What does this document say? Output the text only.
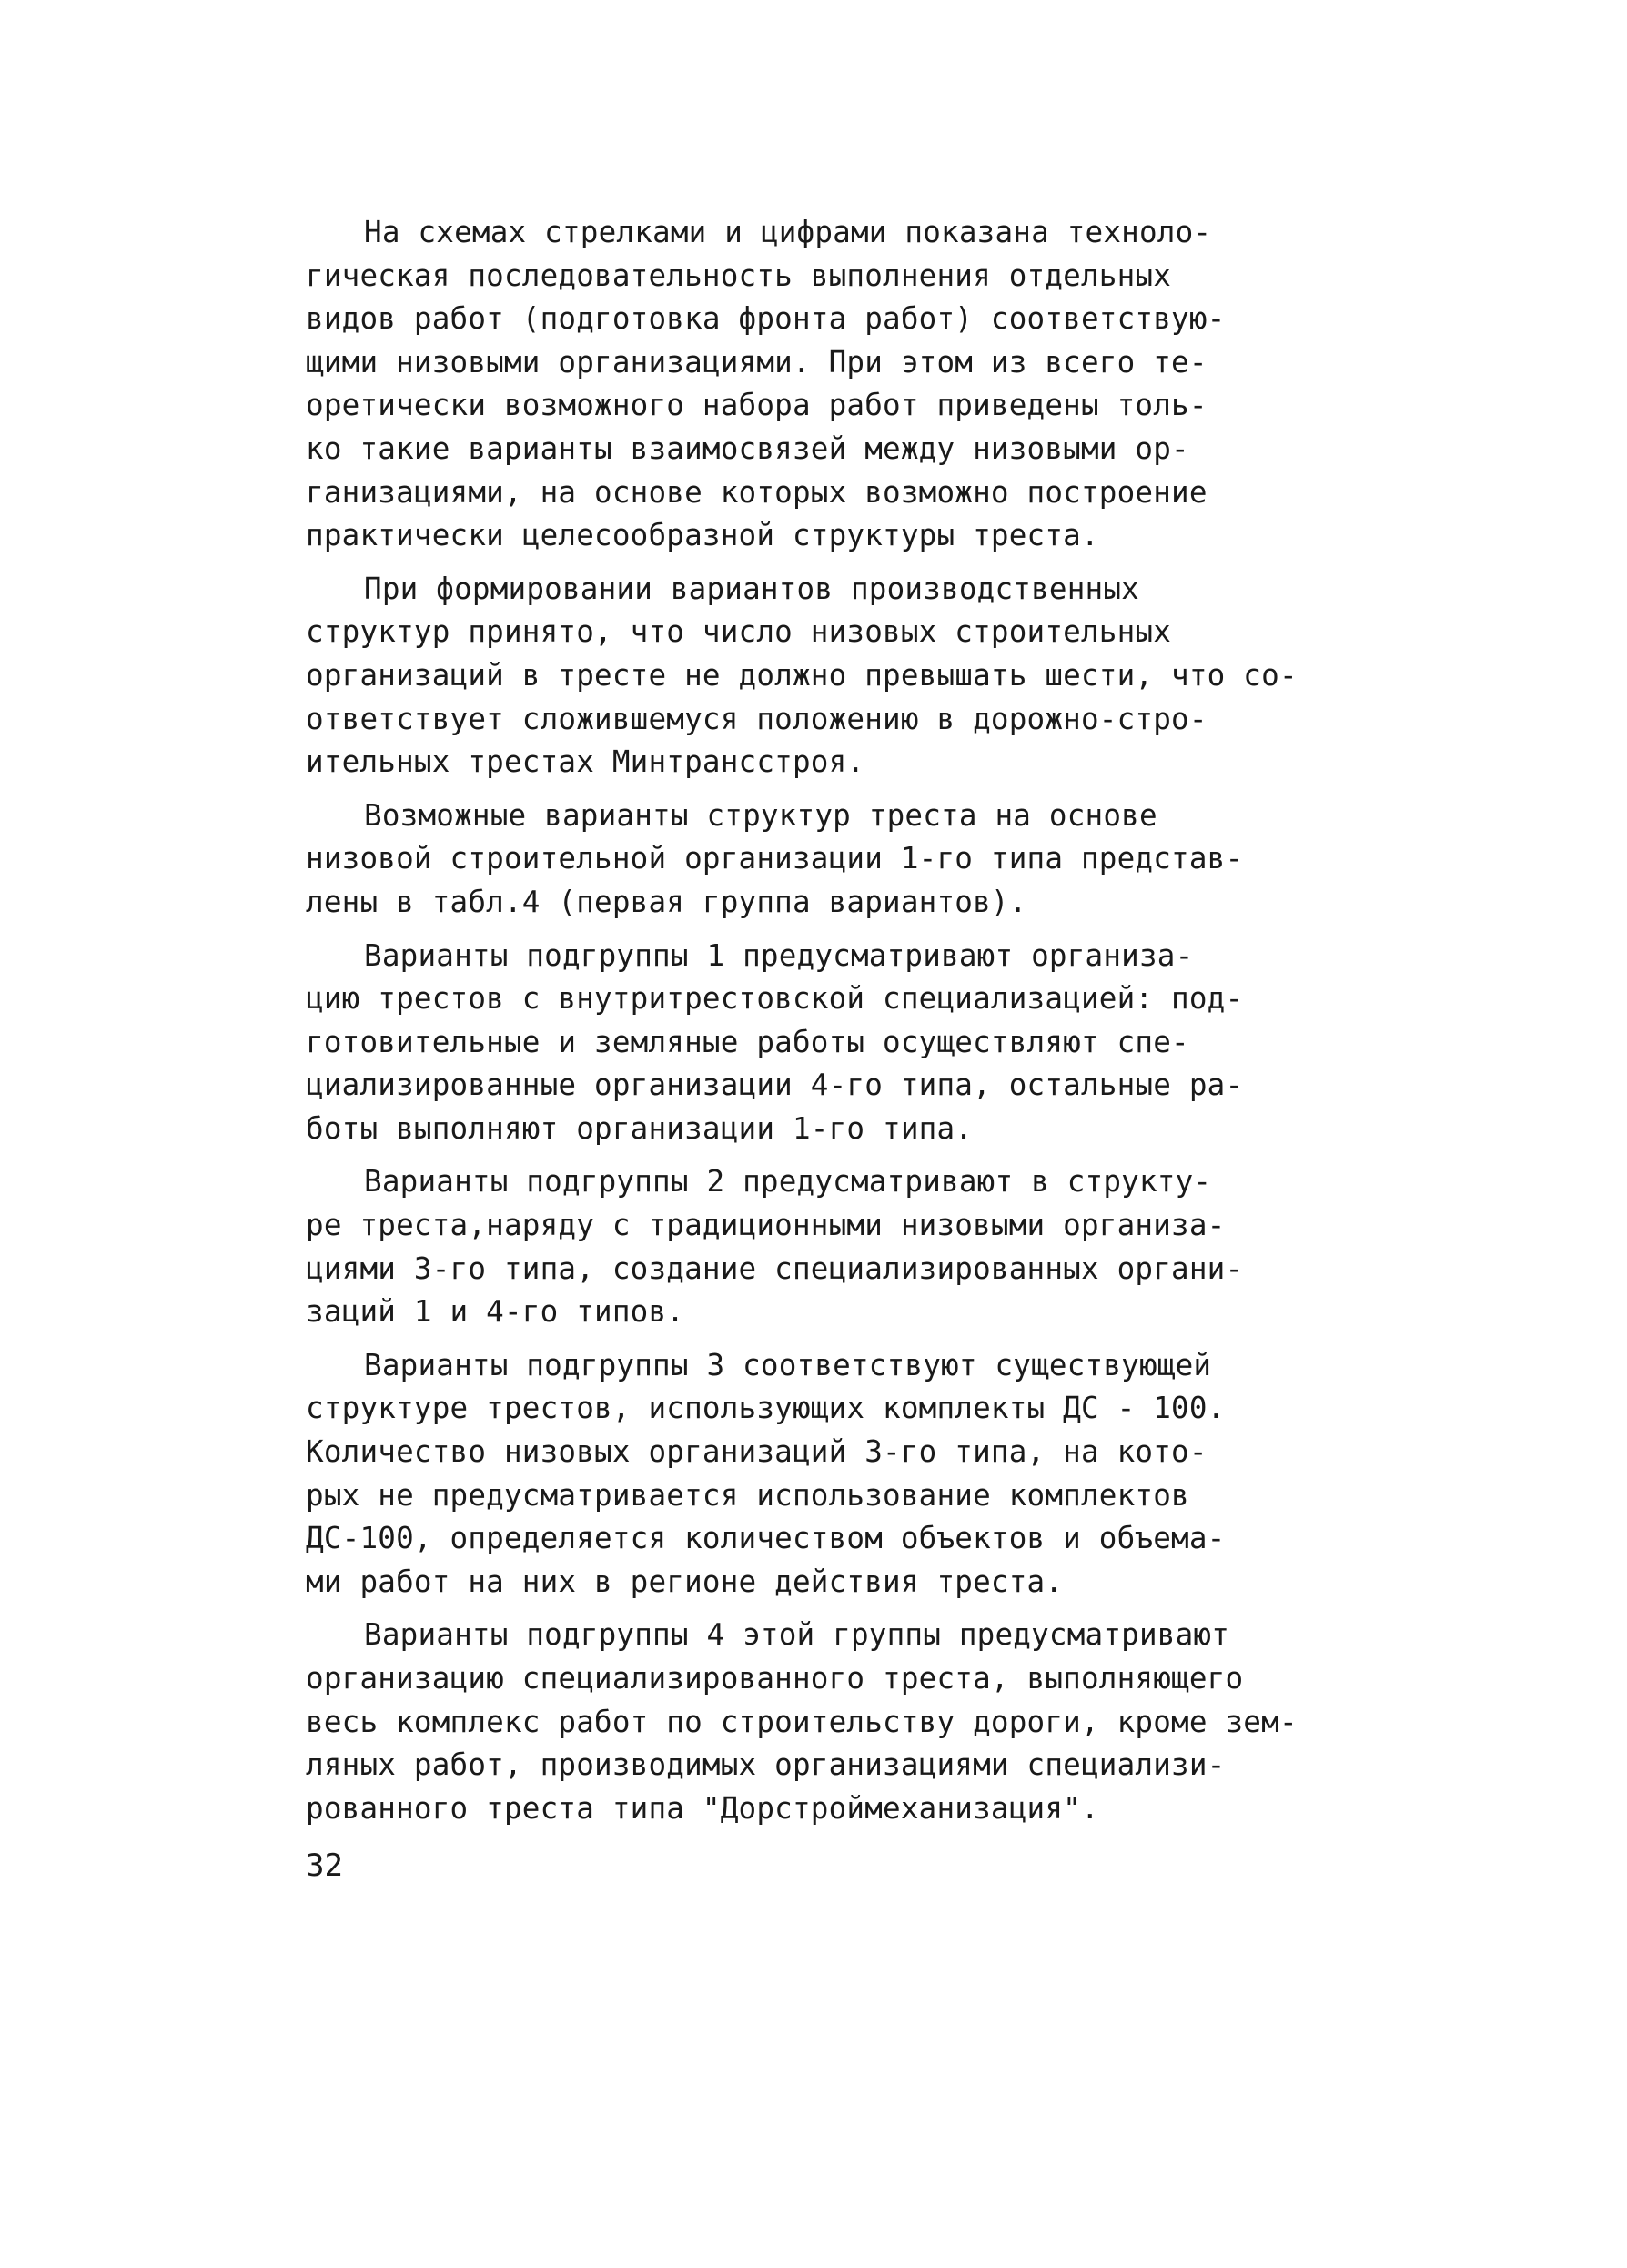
На схемах стрелками и цифрами показана техноло-
гическая последовательность выполнения отдельных
видов работ (подготовка фронта работ) соответствую-
щими низовыми организациями. При этом из всего те-
оретически возможного набора работ приведены толь-
ко такие варианты взаимосвязей между низовыми ор-
ганизациями, на основе которых возможно построение
практически целесообразной структуры треста.

При формировании вариантов производственных
структур принято, что число низовых строительных
организаций в тресте не должно превышать шести, что со-
ответствует сложившемуся положению в дорожно-стро-
ительных трестах Минтрансстроя.

Возможные варианты структур треста на основе
низовой строительной организации 1-го типа представ-
лены в табл.4 (первая группа вариантов).

Варианты подгруппы 1 предусматривают организа-
цию трестов с внутритрестовской специализацией: под-
готовительные и земляные работы осуществляют спе-
циализированные организации 4-го типа, остальные ра-
боты выполняют организации 1-го типа.

Варианты подгруппы 2 предусматривают в структу-
ре треста,наряду с традиционными низовыми организа-
циями 3-го типа, создание специализированных органи-
заций 1 и 4-го типов.

Варианты подгруппы 3 соответствуют существующей
структуре трестов, использующих комплекты ДС - 100.
Количество низовых организаций 3-го типа, на кото-
рых не предусматривается использование комплектов
ДС-100, определяется количеством объектов и объема-
ми работ на них в регионе действия треста.

Варианты подгруппы 4 этой группы предусматривают
организацию специализированного треста, выполняющего
весь комплекс работ по строительству дороги, кроме зем-
ляных работ, производимых организациями специализи-
рованного треста типа "Дорстроймеханизация".

32
